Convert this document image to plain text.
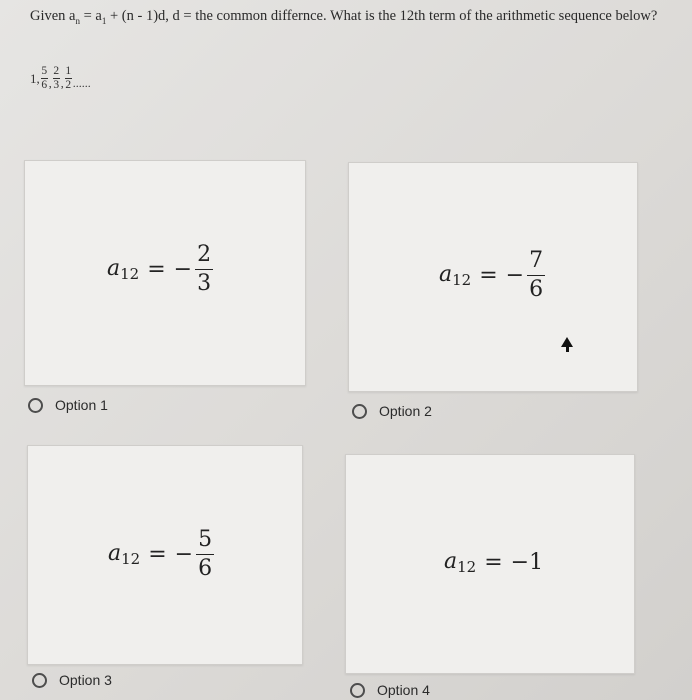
Given $a_n = a_1 + (n - 1)d$, d = the common differnce. What is the 12th term of the arithmetic sequence below?
1, $\frac{5}{6}$ , $\frac{2}{3}$ , $\frac{1}{2}$ ......
$a_{12}$ = −
2
3
Option 1
$a_{12}$ = −
7
6
Option 2
$a_{12}$ = −
5
6
Option 3
$a_{12} = -1$
Option 4
